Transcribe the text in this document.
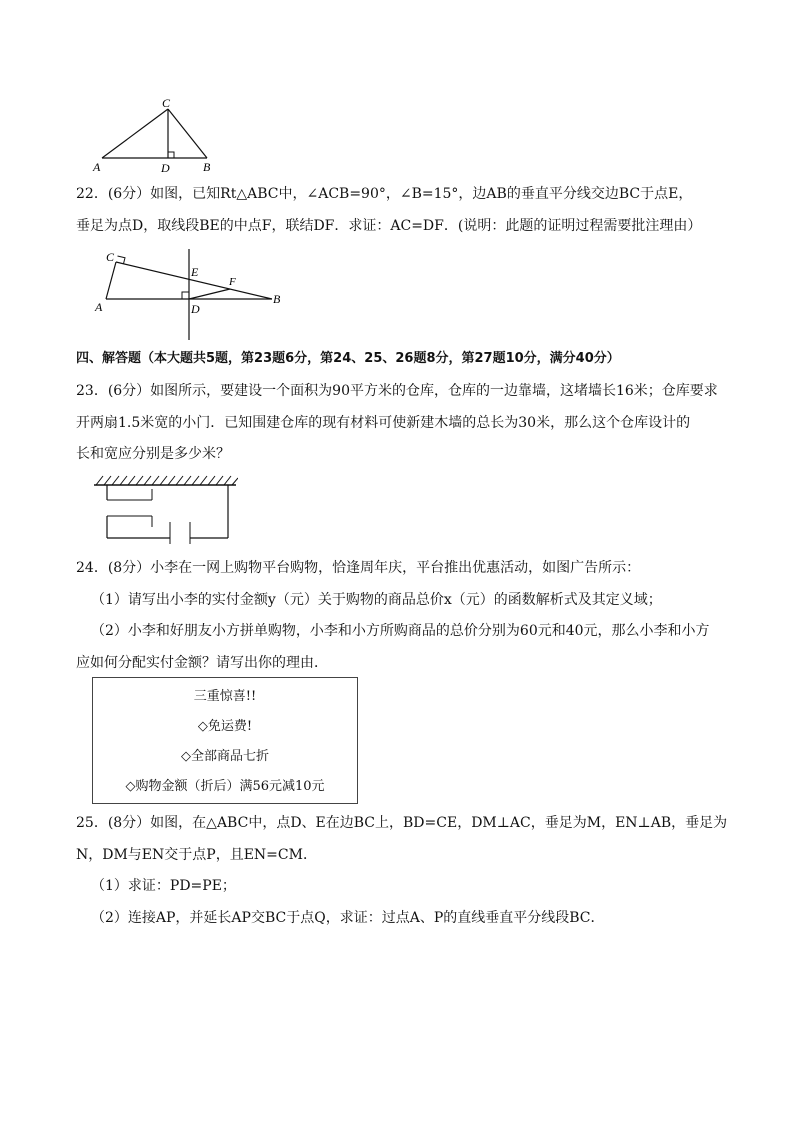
C
A	D	B
22．(6分）如图，已知Rt△ABC中，∠ACB=90°，∠B=15°，边AB的垂直平分线交边BC于点E，
垂足为点D，取线段BE的中点F，联结DF．求证：AC=DF．(说明：此题的证明过程需要批注理由）
C
A
E
F
D
B
四、解答题（本大题共5题，第23题6分，第24、25、26题8分，第27题10分，满分40分）
23．(6分）如图所示，要建设一个面积为90平方米的仓库，仓库的一边靠墙，这堵墙长16米；仓库要求
开两扇1.5米宽的小门．已知围建仓库的现有材料可使新建木墙的总长为30米，那么这个仓库设计的
长和宽应分别是多少米？
24．(8分）小李在一网上购物平台购物，恰逢周年庆，平台推出优惠活动，如图广告所示：
（1）请写出小李的实付金额y（元）关于购物的商品总价x（元）的函数解析式及其定义域；
（2）小李和好朋友小方拼单购物，小李和小方所购商品的总价分别为60元和40元，那么小李和小方
应如何分配实付金额？请写出你的理由．
三重惊喜!!
◇免运费!
◇全部商品七折
◇购物金额（折后）满56元减10元
25．(8分）如图，在△ABC中，点D、E在边BC上，BD=CE，DM⊥AC，垂足为M，EN⊥AB，垂足为
N，DM与EN交于点P，且EN=CM．
（1）求证：PD=PE；
（2）连接AP，并延长AP交BC于点Q，求证：过点A、P的直线垂直平分线段BC．
